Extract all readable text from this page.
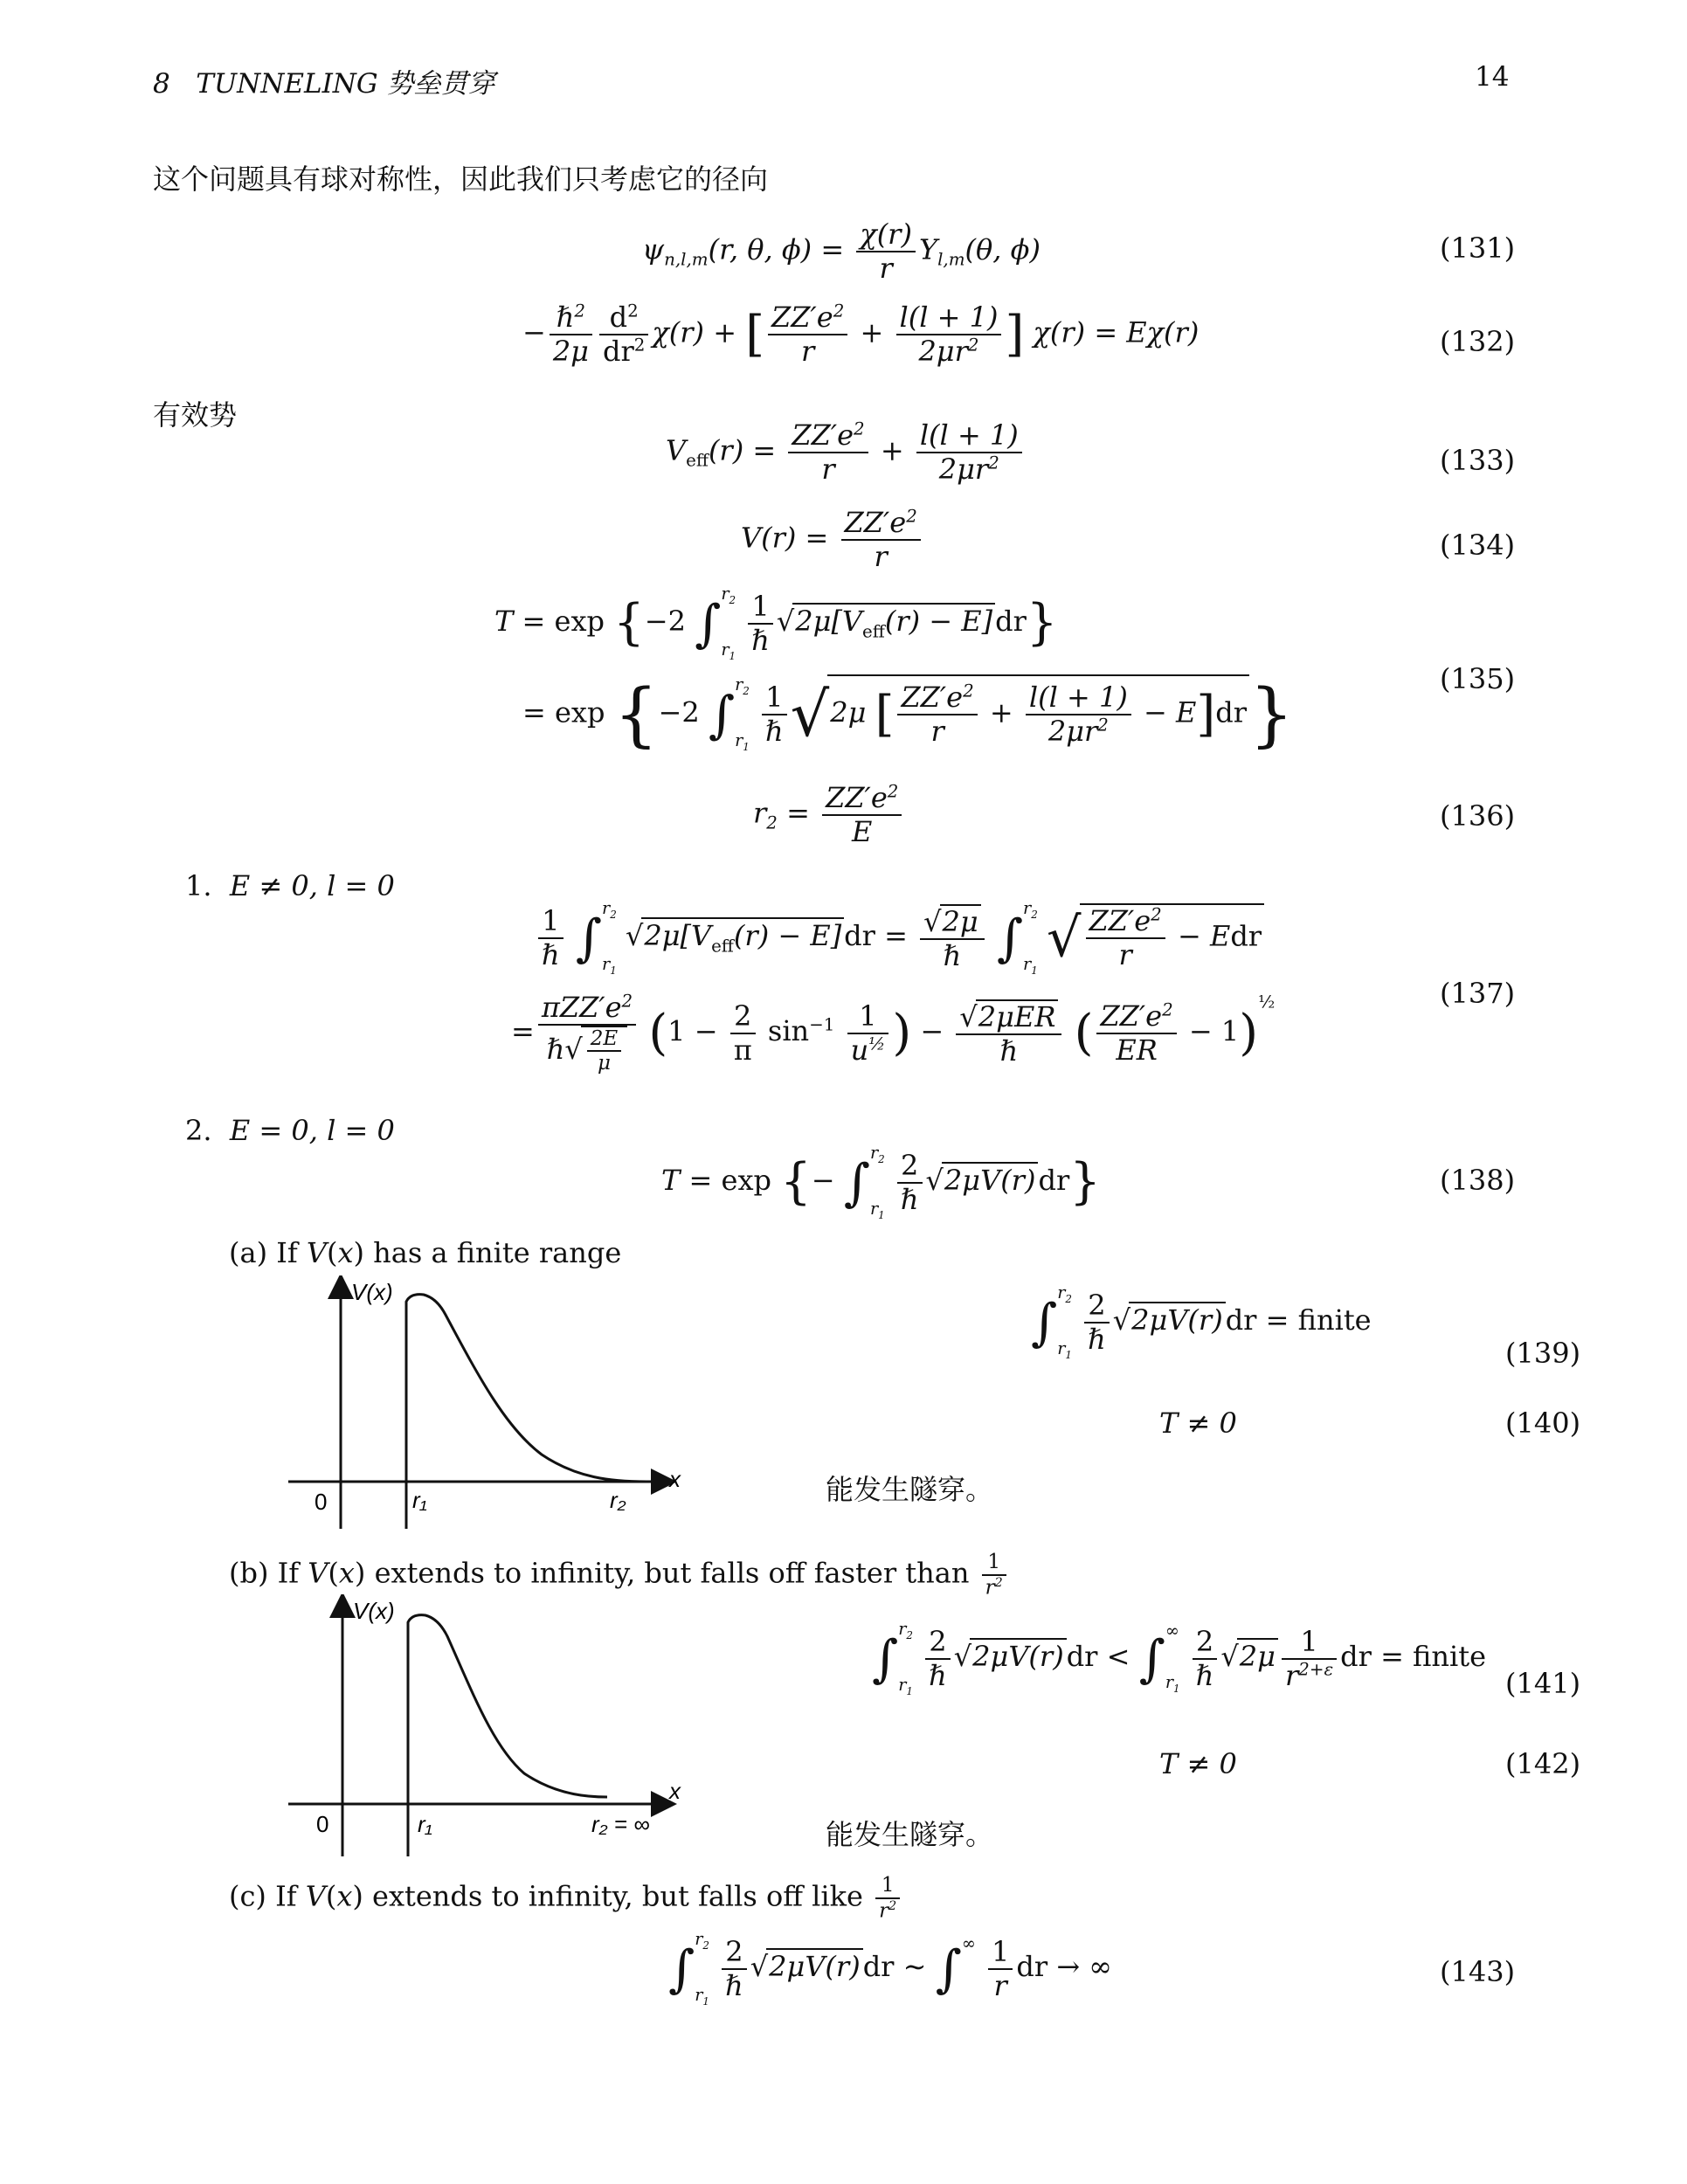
8 TUNNELING 势垒贯穿	14
这个问题具有球对称性，因此我们只考虑它的径向
$\psi_{n,l,m}(r$, θ, $\phi) = \frac{\chi(r)}{r} Y_{l,m}(\theta$, ϕ)	(131)
− $\frac{\hbar^2}{2\mu} \frac{d^2}{dr^2} \chi(r)$ + [ $\frac{ZZ'e^2}{r} + \frac{l(l + 1)}{2\mu r^2}$ ] χ(r) = Eχ(r)	(132)
有效势
$V_{eff}(r) = \frac{ZZ'e^2}{r} + \frac{l(l + 1)}{2\mu r^2}$	(133)
$V(r) = \frac{ZZ'e^2}{r}$	(134)
T = exp {−2 ∫
$r_2$
$r_1$
$\frac{1}{\text{ℏ}} √2\mu[V_{eff}(r) - E]dr$}
= exp {−2 ∫
$r_2$
$r_1$
$\frac{1}{\text{ℏ}} √2\mu$ [ $\frac{ZZ'e^2}{r} + \frac{l(l + 1)}{2\mu r^2} - E]dr$}	(135)
$r_2 = \frac{ZZ'e^2}{E}$	(136)
1. E ≠ 0, l = 0
$\frac{1}{\text{ℏ}}$ ∫
$r_2$
$r_1$
$√2\mu[V_{eff}(r) - E]dr = \frac{√2\mu}{\text{ℏ}}$ ∫
$r_2$
$r_1$
√ $\frac{ZZ'e^2}{r}$ − Edr
= $\frac{\pi ZZ'e^2}{\hbar√ \frac{2E}{\mu}} (1 - \frac{2}{\pi} \sin^{-1} \frac{1}{u^{\frac{1}{2}}}$ ) − $\frac{\text{√2μER}}{\text{ℏ}}$ ( $\frac{ZZ'e^2}{ER} - 1)^{\frac{1}{2}}$	(137)
2. E = 0, l = 0
T = exp {− ∫
$r_2$
$r_1$
$\frac{2}{\text{ℏ}} √2\mu V(r)dr$}	(138)
(a) If V(x) has a finite range
V(x)
x
0	r₁	r₂
∫
$r_2$
$r_1$
$\frac{2}{\text{ℏ}} √2\mu V(r)dr$ = finite
(139)
T ≠ 0	(140)
能发生隧穿。
(b) If V(x) extends to infinity, but falls off faster than $\frac{1}{r^2}$
V(x)
x
0	r₁	r₂ = ∞
∫
$r_2$
$r_1$
$\frac{2}{\text{ℏ}} √2\mu V(r)dr$ < ∫ ∞
$r_1$
$\frac{2}{\text{ℏ}} √2\mu \frac{1}{r^{2+\varepsilon}}$ dr = finite
(141)
T ≠ 0	(142)
能发生隧穿。
(c) If V(x) extends to infinity, but falls off like $\frac{1}{r^2}$
∫
$r_2$
$r_1$
$\frac{2}{\text{ℏ}} √2\mu V(r)dr$ ∼ ∫ ∞

$\frac{1}{r}$ dr → ∞	(143)
